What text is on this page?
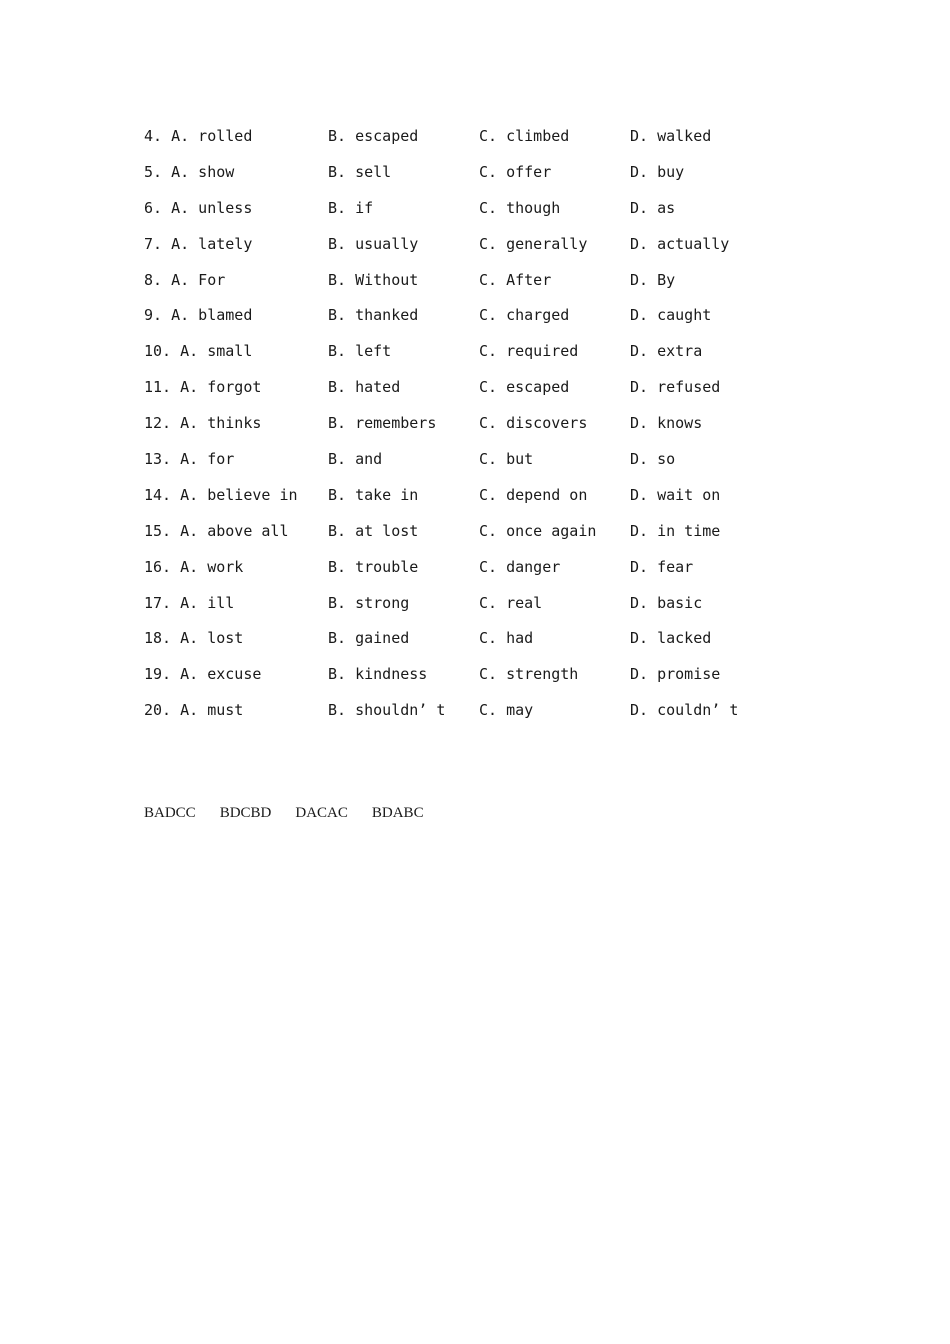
4. A. rolled	B. escaped	C. climbed	D. walked
5. A. show	B. sell	C. offer	D. buy
6. A. unless	B. if	C. though	D. as
7. A. lately	B. usually	C. generally	D. actually
8. A. For	B. Without	C. After	D. By
9. A. blamed	B. thanked	C. charged	D. caught
10. A. small	B. left	C. required	D. extra
11. A. forgot	B. hated	C. escaped	D. refused
12. A. thinks	B. remembers	C. discovers	D. knows
13. A. for	B. and	C. but	D. so
14. A. believe in B. take in	C. depend on	D. wait on
15. A. above all	B. at lost	C. once again D. in time
16. A. work	B. trouble	C. danger	D. fear
17. A. ill	B. strong	C. real	D. basic
18. A. lost	B. gained	C. had	D. lacked
19. A. excuse	B. kindness	C. strength	D. promise
20. A. must	B. shouldn’ t C. may	D. couldn’ t
BADCC BDCBD DACAC BDABC
